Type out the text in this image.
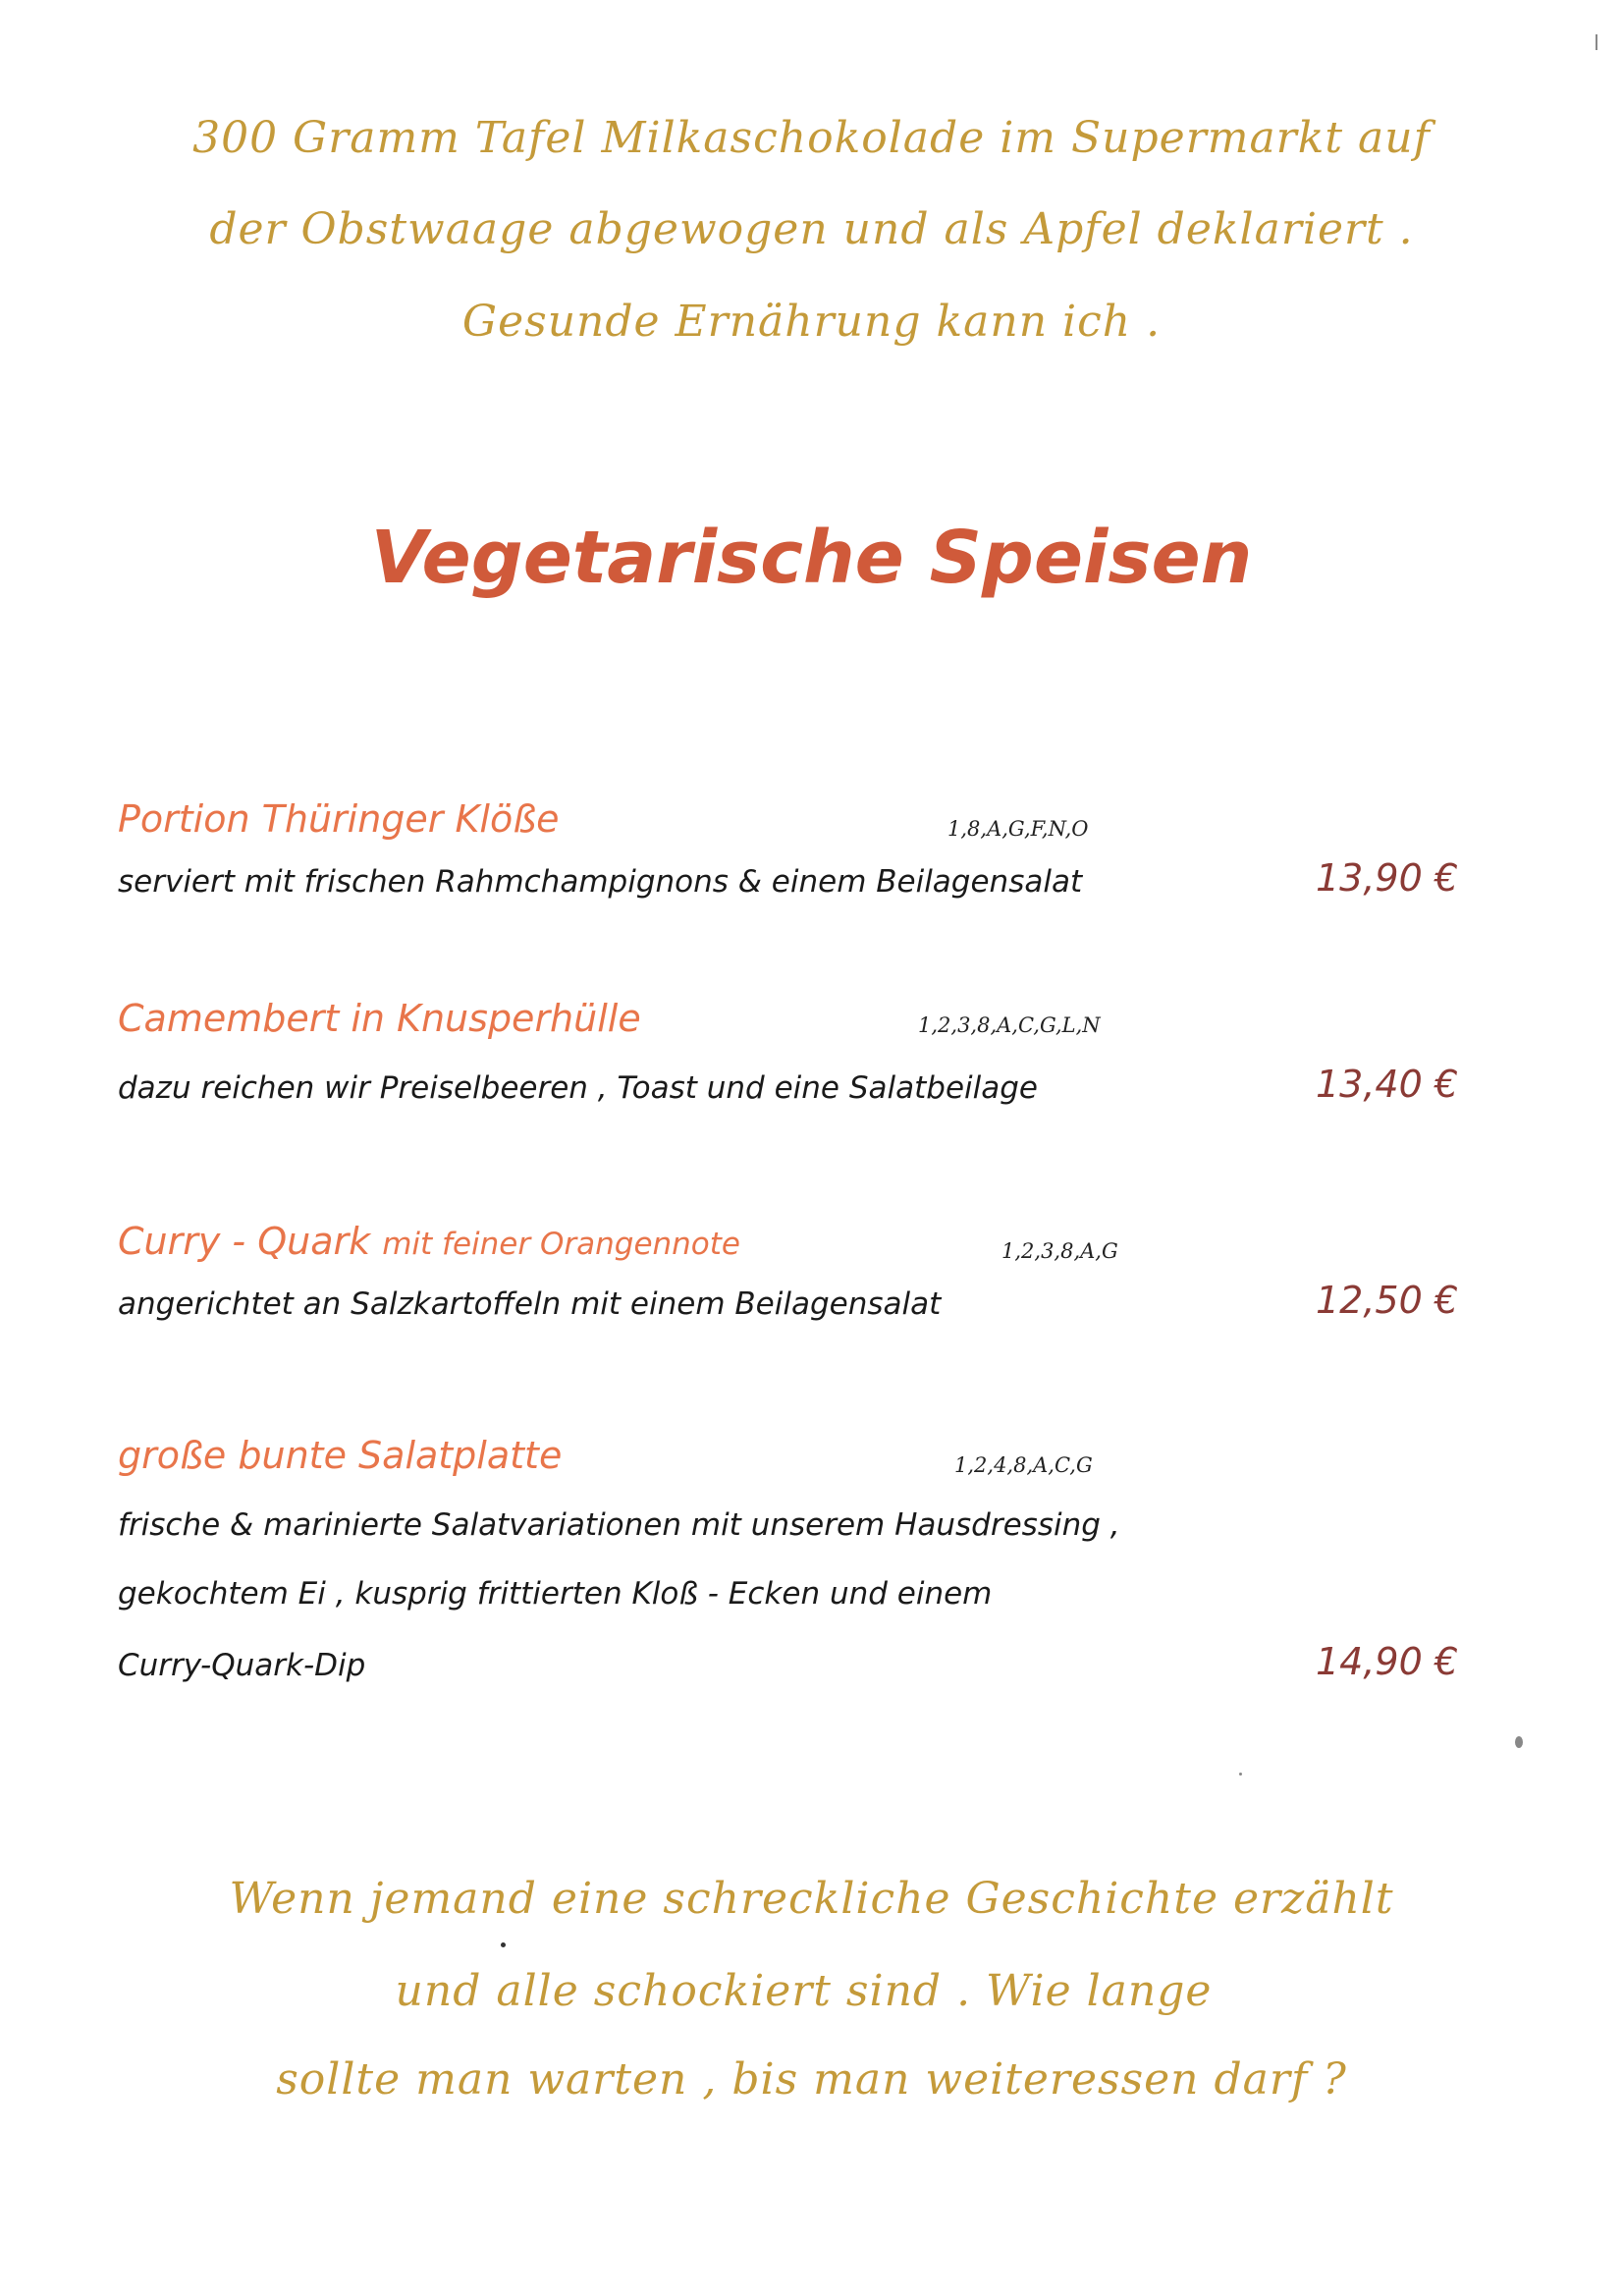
300 Gramm Tafel Milkaschokolade im Supermarkt auf
der Obstwaage abgewogen und als Apfel deklariert .
Gesunde Ernährung kann ich .
Vegetarische Speisen
Portion Thüringer Klöße	1,8,A,G,F,N,O
serviert mit frischen Rahmchampignons & einem Beilagensalat	13,90 €
Camembert in Knusperhülle	1,2,3,8,A,C,G,L,N
dazu reichen wir Preiselbeeren , Toast und eine Salatbeilage	13,40 €
Curry - Quark mit feiner Orangennote	1,2,3,8,A,G
angerichtet an Salzkartoffeln mit einem Beilagensalat	12,50 €
große bunte Salatplatte	1,2,4,8,A,C,G
frische & marinierte Salatvariationen mit unserem Hausdressing ,
gekochtem Ei , kusprig frittierten Kloß - Ecken und einem
Curry-Quark-Dip	14,90 €
Wenn jemand eine schreckliche Geschichte erzählt
und alle schockiert sind . Wie lange
sollte man warten , bis man weiteressen darf ?
